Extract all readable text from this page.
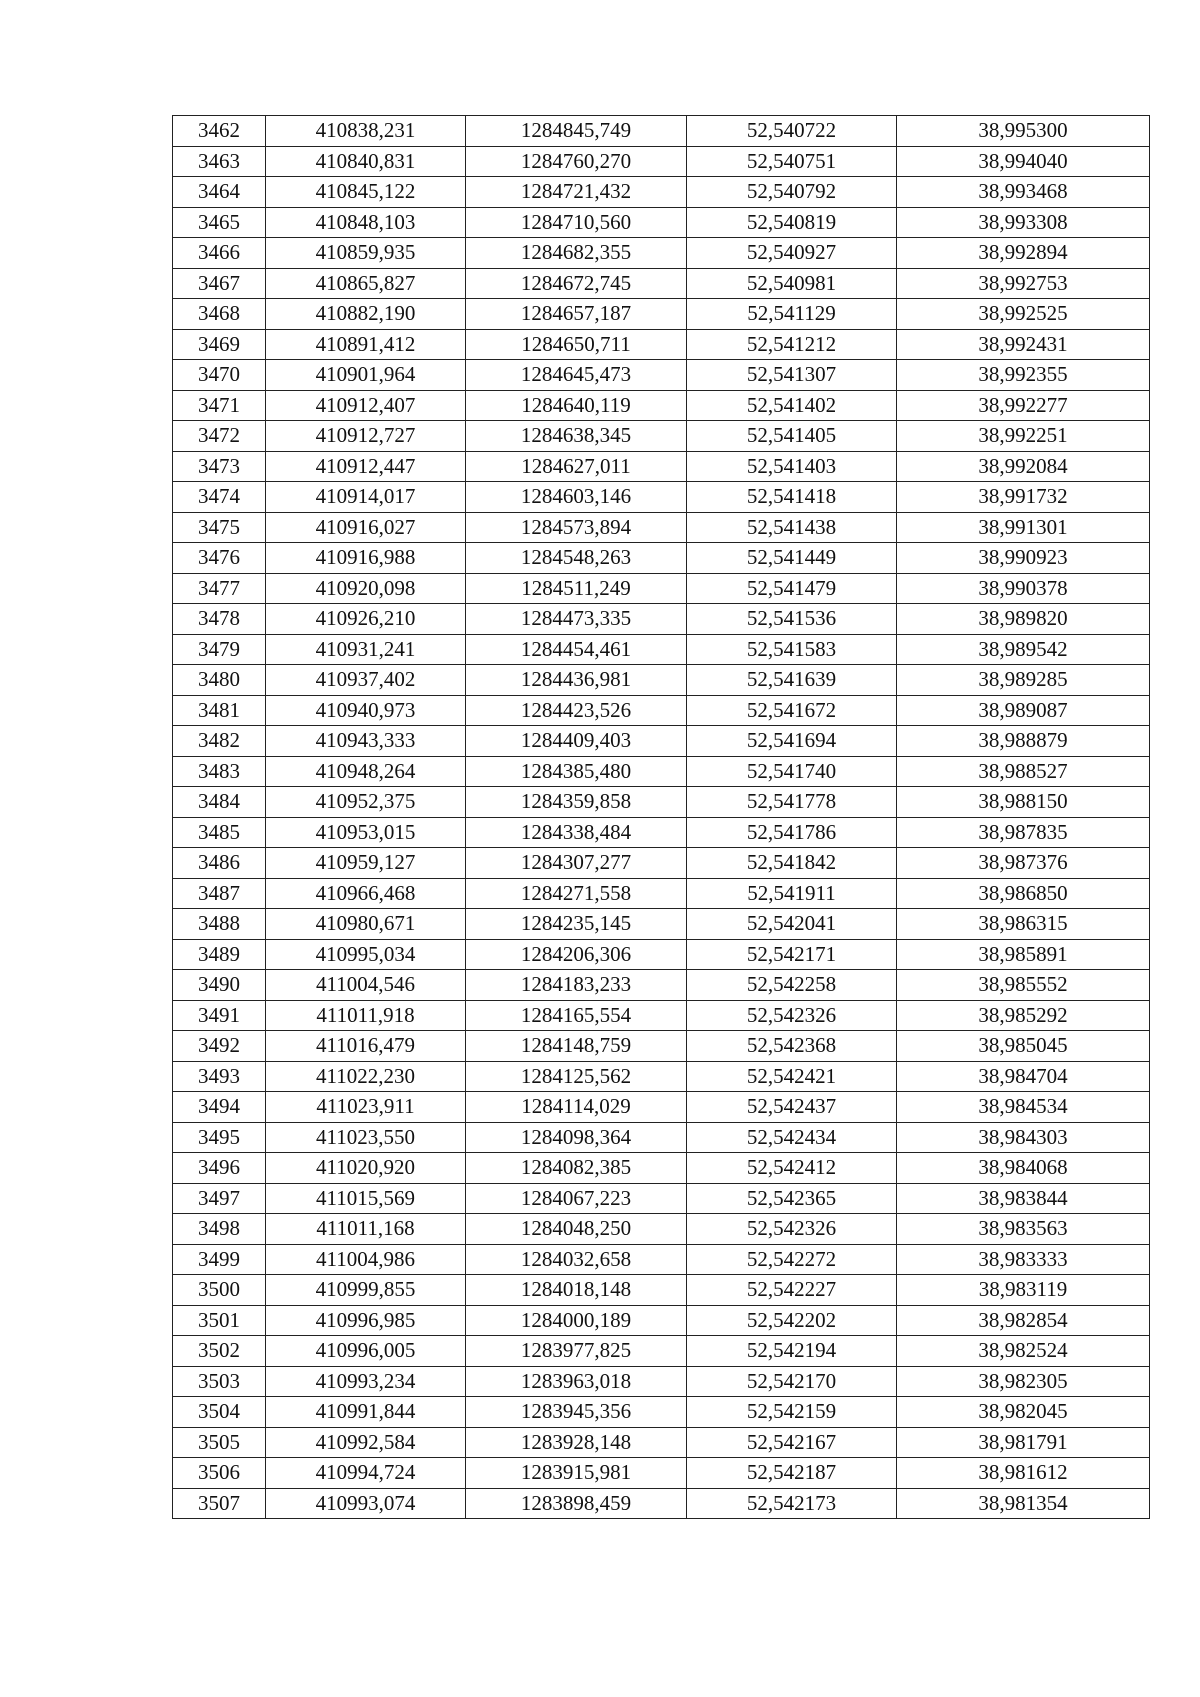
3462	410838,231	1284845,749	52,540722	38,995300
3463	410840,831	1284760,270	52,540751	38,994040
3464	410845,122	1284721,432	52,540792	38,993468
3465	410848,103	1284710,560	52,540819	38,993308
3466	410859,935	1284682,355	52,540927	38,992894
3467	410865,827	1284672,745	52,540981	38,992753
3468	410882,190	1284657,187	52,541129	38,992525
3469	410891,412	1284650,711	52,541212	38,992431
3470	410901,964	1284645,473	52,541307	38,992355
3471	410912,407	1284640,119	52,541402	38,992277
3472	410912,727	1284638,345	52,541405	38,992251
3473	410912,447	1284627,011	52,541403	38,992084
3474	410914,017	1284603,146	52,541418	38,991732
3475	410916,027	1284573,894	52,541438	38,991301
3476	410916,988	1284548,263	52,541449	38,990923
3477	410920,098	1284511,249	52,541479	38,990378
3478	410926,210	1284473,335	52,541536	38,989820
3479	410931,241	1284454,461	52,541583	38,989542
3480	410937,402	1284436,981	52,541639	38,989285
3481	410940,973	1284423,526	52,541672	38,989087
3482	410943,333	1284409,403	52,541694	38,988879
3483	410948,264	1284385,480	52,541740	38,988527
3484	410952,375	1284359,858	52,541778	38,988150
3485	410953,015	1284338,484	52,541786	38,987835
3486	410959,127	1284307,277	52,541842	38,987376
3487	410966,468	1284271,558	52,541911	38,986850
3488	410980,671	1284235,145	52,542041	38,986315
3489	410995,034	1284206,306	52,542171	38,985891
3490	411004,546	1284183,233	52,542258	38,985552
3491	411011,918	1284165,554	52,542326	38,985292
3492	411016,479	1284148,759	52,542368	38,985045
3493	411022,230	1284125,562	52,542421	38,984704
3494	411023,911	1284114,029	52,542437	38,984534
3495	411023,550	1284098,364	52,542434	38,984303
3496	411020,920	1284082,385	52,542412	38,984068
3497	411015,569	1284067,223	52,542365	38,983844
3498	411011,168	1284048,250	52,542326	38,983563
3499	411004,986	1284032,658	52,542272	38,983333
3500	410999,855	1284018,148	52,542227	38,983119
3501	410996,985	1284000,189	52,542202	38,982854
3502	410996,005	1283977,825	52,542194	38,982524
3503	410993,234	1283963,018	52,542170	38,982305
3504	410991,844	1283945,356	52,542159	38,982045
3505	410992,584	1283928,148	52,542167	38,981791
3506	410994,724	1283915,981	52,542187	38,981612
3507	410993,074	1283898,459	52,542173	38,981354
